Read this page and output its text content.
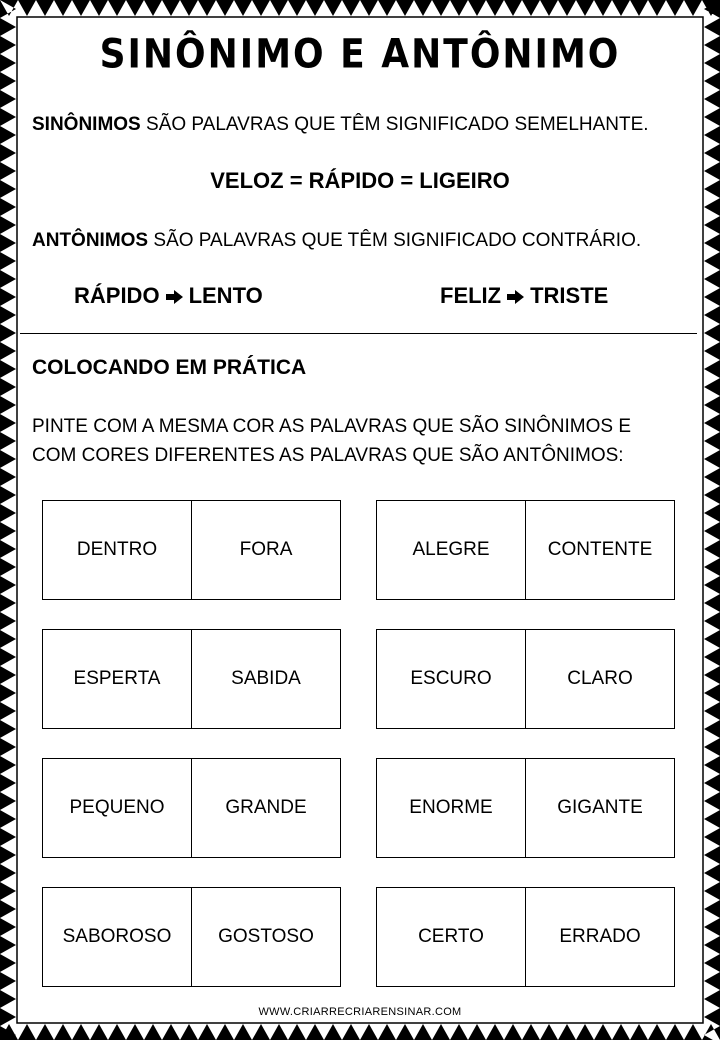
SINÔNIMO E ANTÔNIMO
SINÔNIMOS SÃO PALAVRAS QUE TÊM SIGNIFICADO SEMELHANTE.
VELOZ = RÁPIDO = LIGEIRO
ANTÔNIMOS SÃO PALAVRAS QUE TÊM SIGNIFICADO CONTRÁRIO.
RÁPIDO LENTO	FELIZ TRISTE
COLOCANDO EM PRÁTICA
PINTE COM A MESMA COR AS PALAVRAS QUE SÃO SINÔNIMOS E
COM CORES DIFERENTES AS PALAVRAS QUE SÃO ANTÔNIMOS:
DENTRO	FORA	ALEGRE	CONTENTE
ESPERTA	SABIDA	ESCURO	CLARO
PEQUENO	GRANDE	ENORME	GIGANTE
SABOROSO	GOSTOSO	CERTO	ERRADO
WWW.CRIARRECRIARENSINAR.COM
